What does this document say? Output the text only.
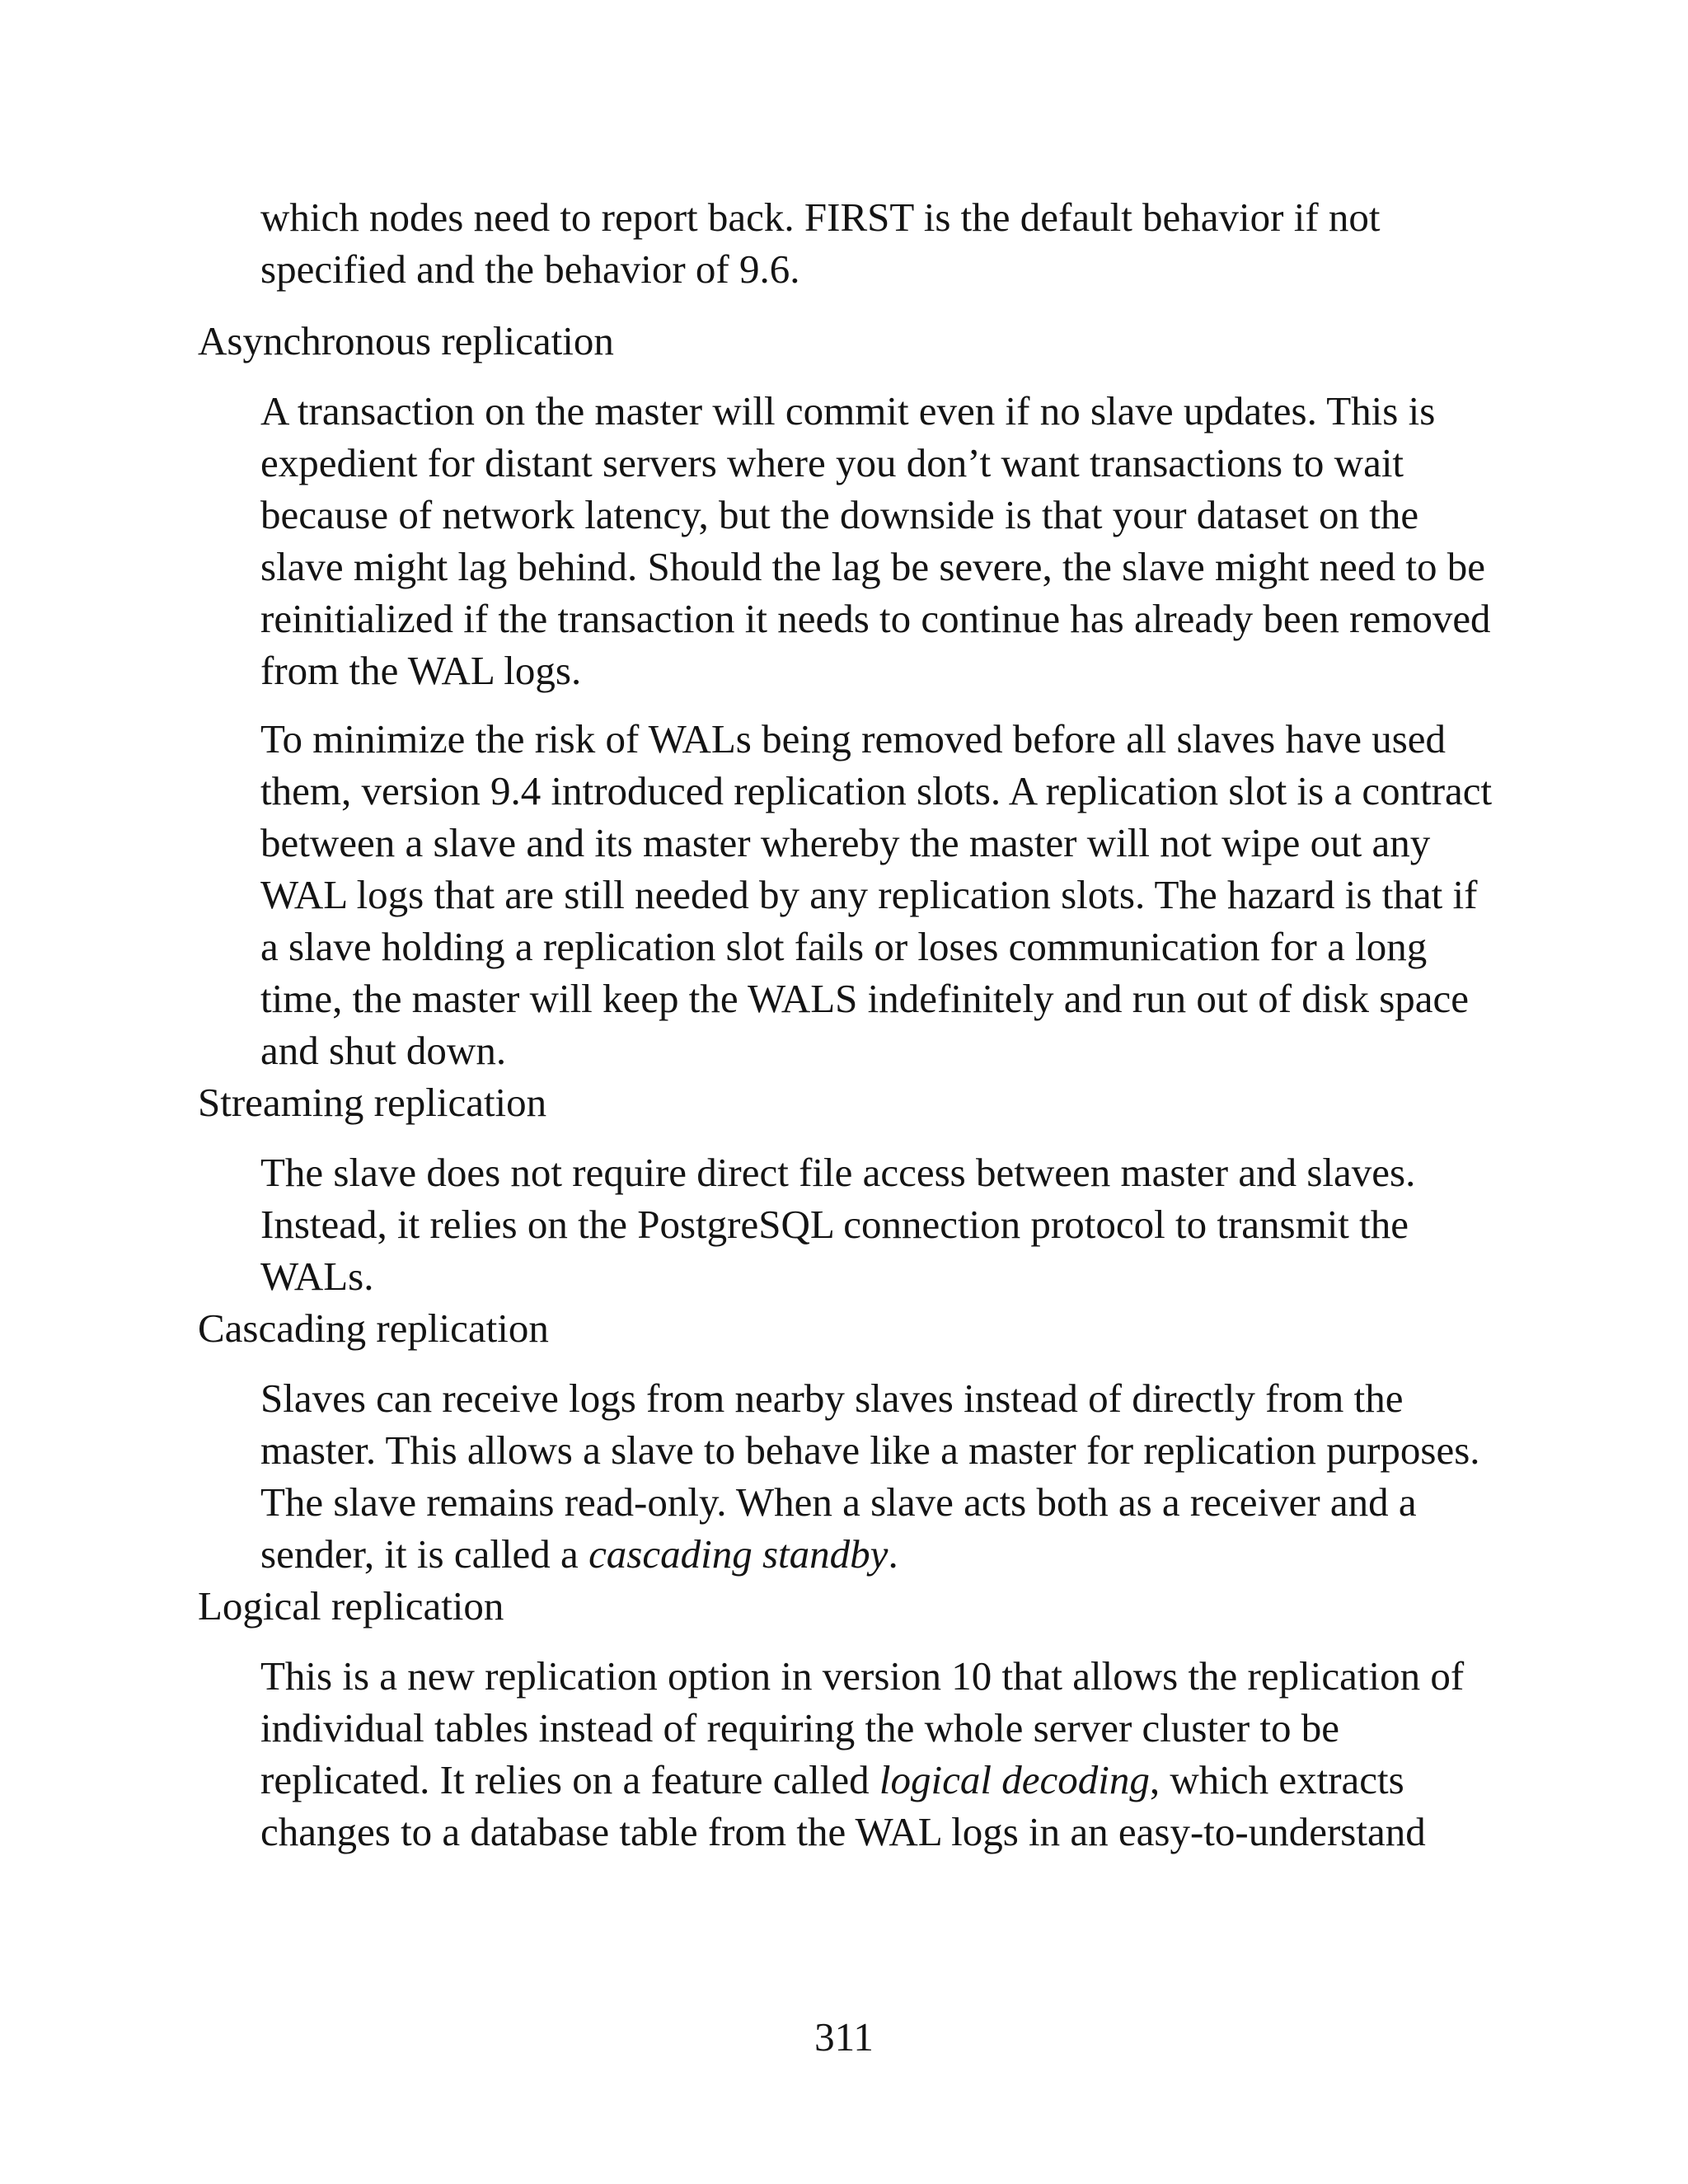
which nodes need to report back. FIRST is the default behavior if not specified and the behavior of 9.6.

Asynchronous replication

A transaction on the master will commit even if no slave updates. This is expedient for distant servers where you don’t want transactions to wait because of network latency, but the downside is that your dataset on the slave might lag behind. Should the lag be severe, the slave might need to be reinitialized if the transaction it needs to continue has already been removed from the WAL logs.

To minimize the risk of WALs being removed before all slaves have used them, version 9.4 introduced replication slots. A replication slot is a contract between a slave and its master whereby the master will not wipe out any WAL logs that are still needed by any replication slots. The hazard is that if a slave holding a replication slot fails or loses communication for a long time, the master will keep the WALS indefinitely and run out of disk space and shut down.

Streaming replication

The slave does not require direct file access between master and slaves. Instead, it relies on the PostgreSQL connection protocol to transmit the WALs.

Cascading replication

Slaves can receive logs from nearby slaves instead of directly from the master. This allows a slave to behave like a master for replication purposes. The slave remains read-only. When a slave acts both as a receiver and a sender, it is called a cascading standby.

Logical replication

This is a new replication option in version 10 that allows the replication of individual tables instead of requiring the whole server cluster to be replicated. It relies on a feature called logical decoding, which extracts changes to a database table from the WAL logs in an easy-to-understand

311
